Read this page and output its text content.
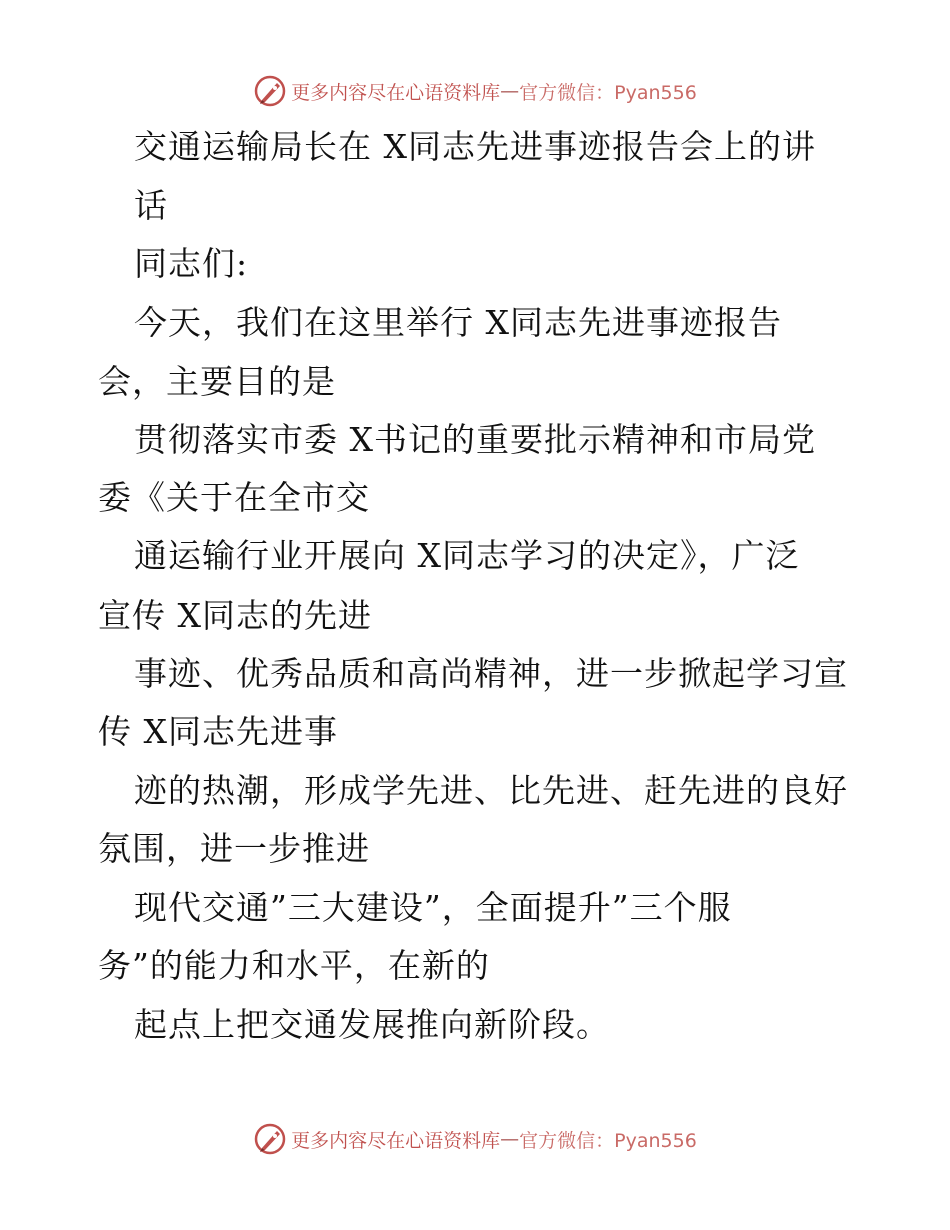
更多内容尽在心语资料库 — 官方微信：Pyan556
交通运输局长在 X同志先进事迹报告会上的讲
话
同志们:
今天，我们在这里举行 X同志先进事迹报告
会，主要目的是
贯彻落实市委 X书记的重要批示精神和市局党
委《关于在全市交
通运输行业开展向 X同志学习的决定》，广泛
宣传 X同志的先进
事迹、优秀品质和高尚精神，进一步掀起学习宣
传 X同志先进事
迹的热潮，形成学先进、比先进、赶先进的良好
氛围，进一步推进
现代交通”三大建设”，全面提升”三个服
务”的能力和水平，在新的
起点上把交通发展推向新阶段。
更多内容尽在心语资料库 — 官方微信：Pyan556
